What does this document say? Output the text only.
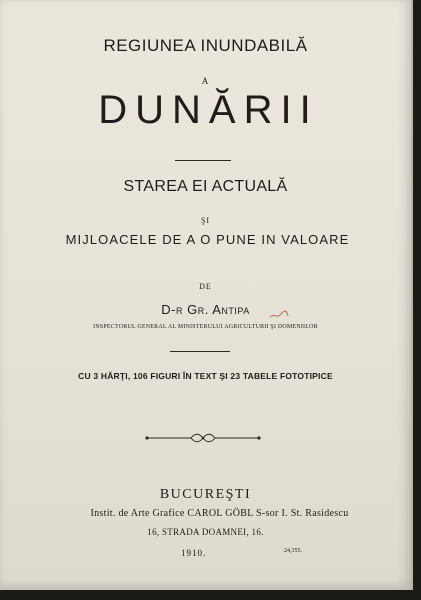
REGIUNEA INUNDABILĂ
A
DUNĂRII
STAREA EI ACTUALĂ
ŞI
MIJLOACELE DE A O PUNE IN VALOARE
DE
D-r Gr. Antipa
INSPECTORUL GENERAL AL MINISTERULUI AGRICULTURII ŞI DOMENIILOR
CU 3 HĂRŢI, 106 FIGURI ÎN TEXT ŞI 23 TABELE FOTOTIPICE
BUCUREŞTI
Instit. de Arte Grafice CAROL GÖBL S-sor I. St. Rasidescu
16, STRADA DOAMNEI, 16.
1910.	24,355.
